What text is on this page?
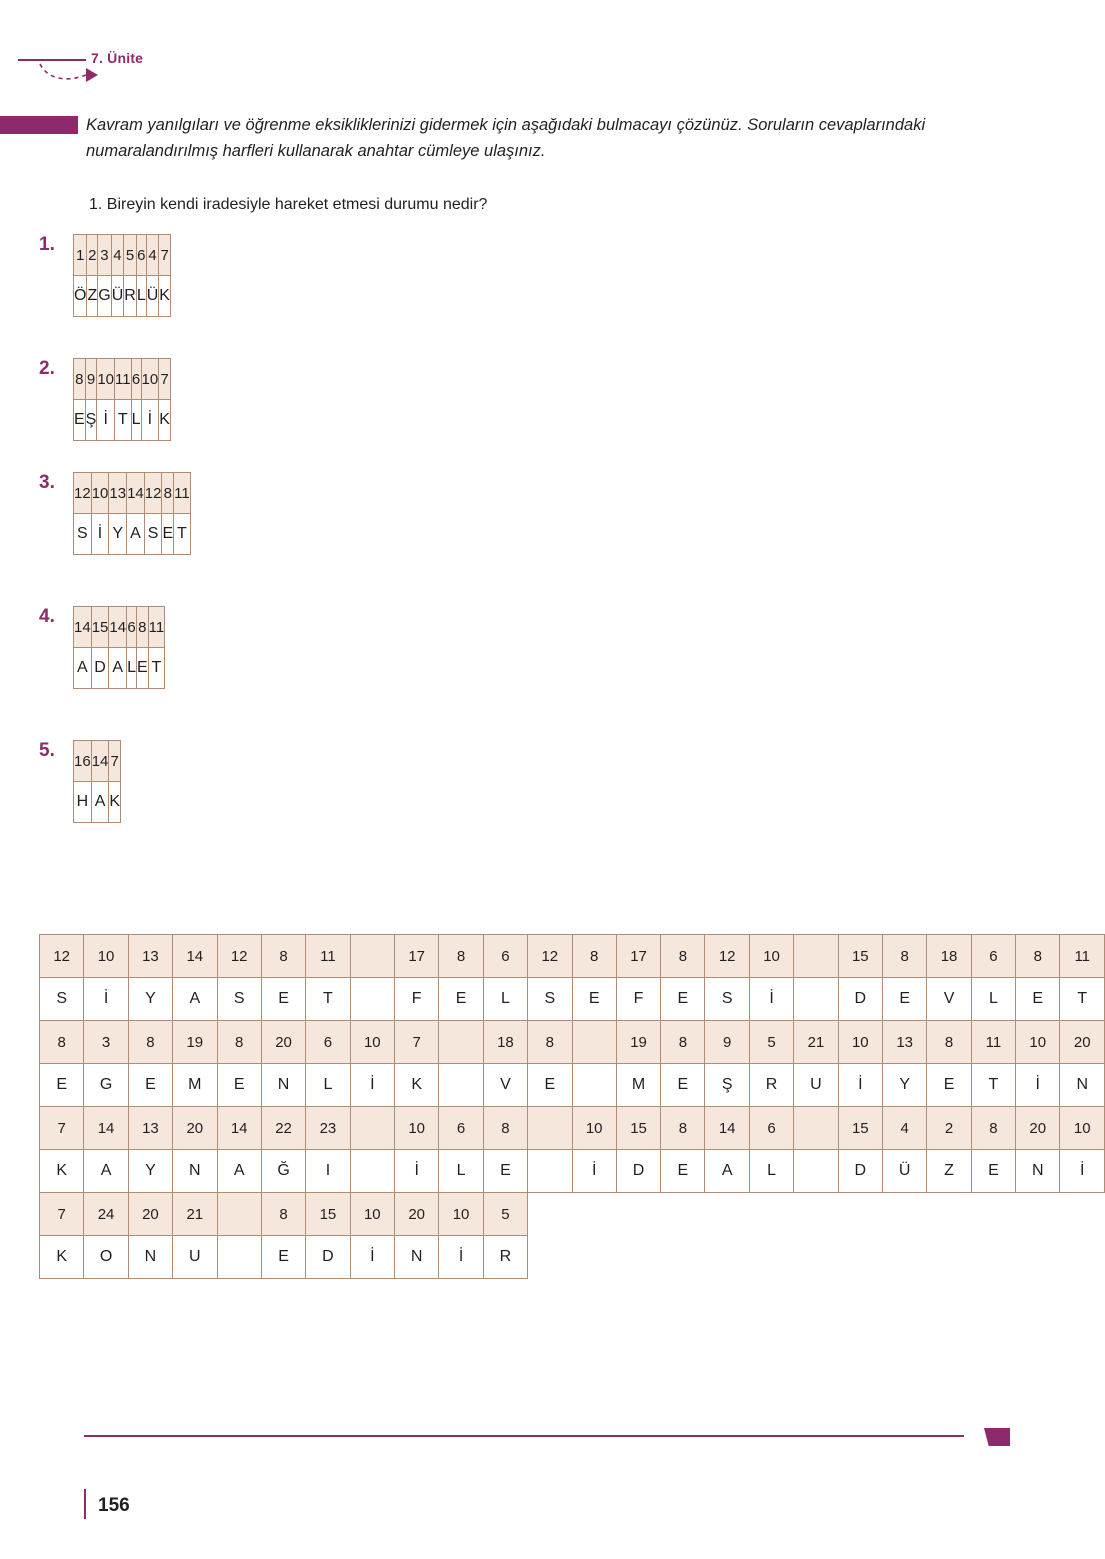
7. Ünite
Kavram yanılgıları ve öğrenme eksikliklerinizi gidermek için aşağıdaki bulmacayı çözünüz. Soruların cevaplarındaki numaralandırılmış harfleri kullanarak anahtar cümleye ulaşınız.
1. Bireyin kendi iradesiyle hareket etmesi durumu nedir?
1. 1	2	3	4	5	6	4	7
Ö	Z	G	Ü	R	L	Ü	K
2. 8	9	10	11	6	10	7
E	Ş	İ	T	L	İ	K
3. 12	10	13	14	12	8	11
S	İ	Y	A	S	E	T
4. 14	15	14	6	8	11
A	D	A	L	E	T
5. 16	14	7
H	A	K
12	10	13	14	12	8	11		17	8	6	12	8	17	8	12	10		15	8	18	6	8	11
S	İ	Y	A	S	E	T		F	E	L	S	E	F	E	S	İ		D	E	V	L	E	T
8	3	8	19	8	20	6	10	7		18	8		19	8	9	5	21	10	13	8	11	10	20
E	G	E	M	E	N	L	İ	K		V	E		M	E	Ş	R	U	İ	Y	E	T	İ	N
7	14	13	20	14	22	23		10	6	8		10	15	8	14	6		15	4	2	8	20	10
K	A	Y	N	A	Ğ	I		İ	L	E		İ	D	E	A	L		D	Ü	Z	E	N	İ
7	24	20	21		8	15	10	20	10	5													
K	O	N	U		E	D	İ	N	İ	R													
156
